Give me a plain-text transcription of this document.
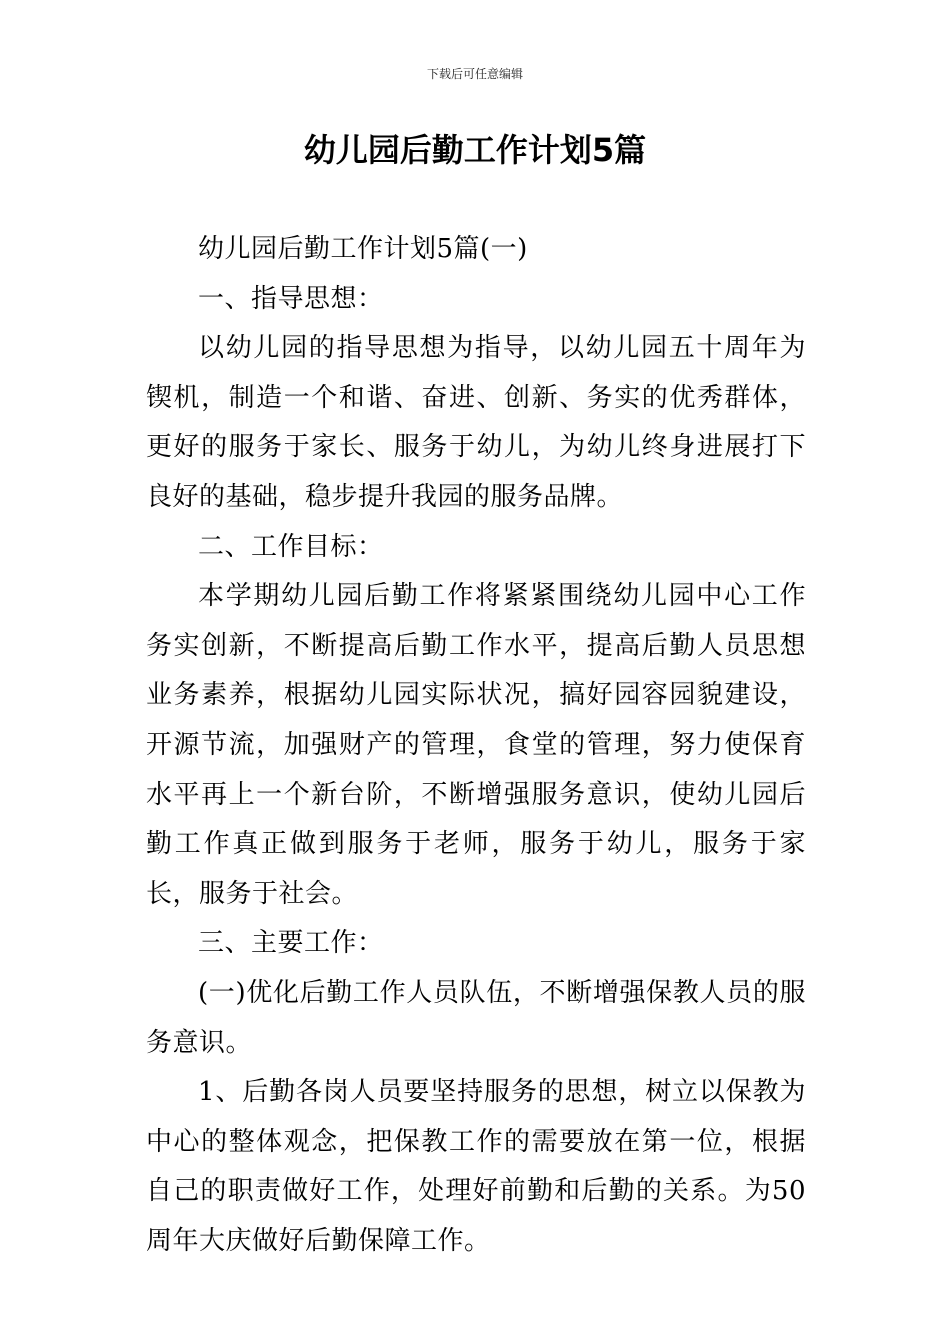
下载后可任意编辑
幼儿园后勤工作计划5篇

幼儿园后勤工作计划5篇(一)

一、指导思想：

以幼儿园的指导思想为指导，以幼儿园五十周年为锲机，制造一个和谐、奋进、创新、务实的优秀群体，更好的服务于家长、服务于幼儿，为幼儿终身进展打下良好的基础，稳步提升我园的服务品牌。

二、工作目标：

本学期幼儿园后勤工作将紧紧围绕幼儿园中心工作务实创新，不断提高后勤工作水平，提高后勤人员思想业务素养，根据幼儿园实际状况，搞好园容园貌建设，开源节流，加强财产的管理，食堂的管理，努力使保育水平再上一个新台阶，不断增强服务意识，使幼儿园后勤工作真正做到服务于老师，服务于幼儿，服务于家长，服务于社会。

三、主要工作：

(一)优化后勤工作人员队伍，不断增强保教人员的服务意识。

1、后勤各岗人员要坚持服务的思想，树立以保教为中心的整体观念，把保教工作的需要放在第一位，根据自己的职责做好工作，处理好前勤和后勤的关系。为50周年大庆做好后勤保障工作。
